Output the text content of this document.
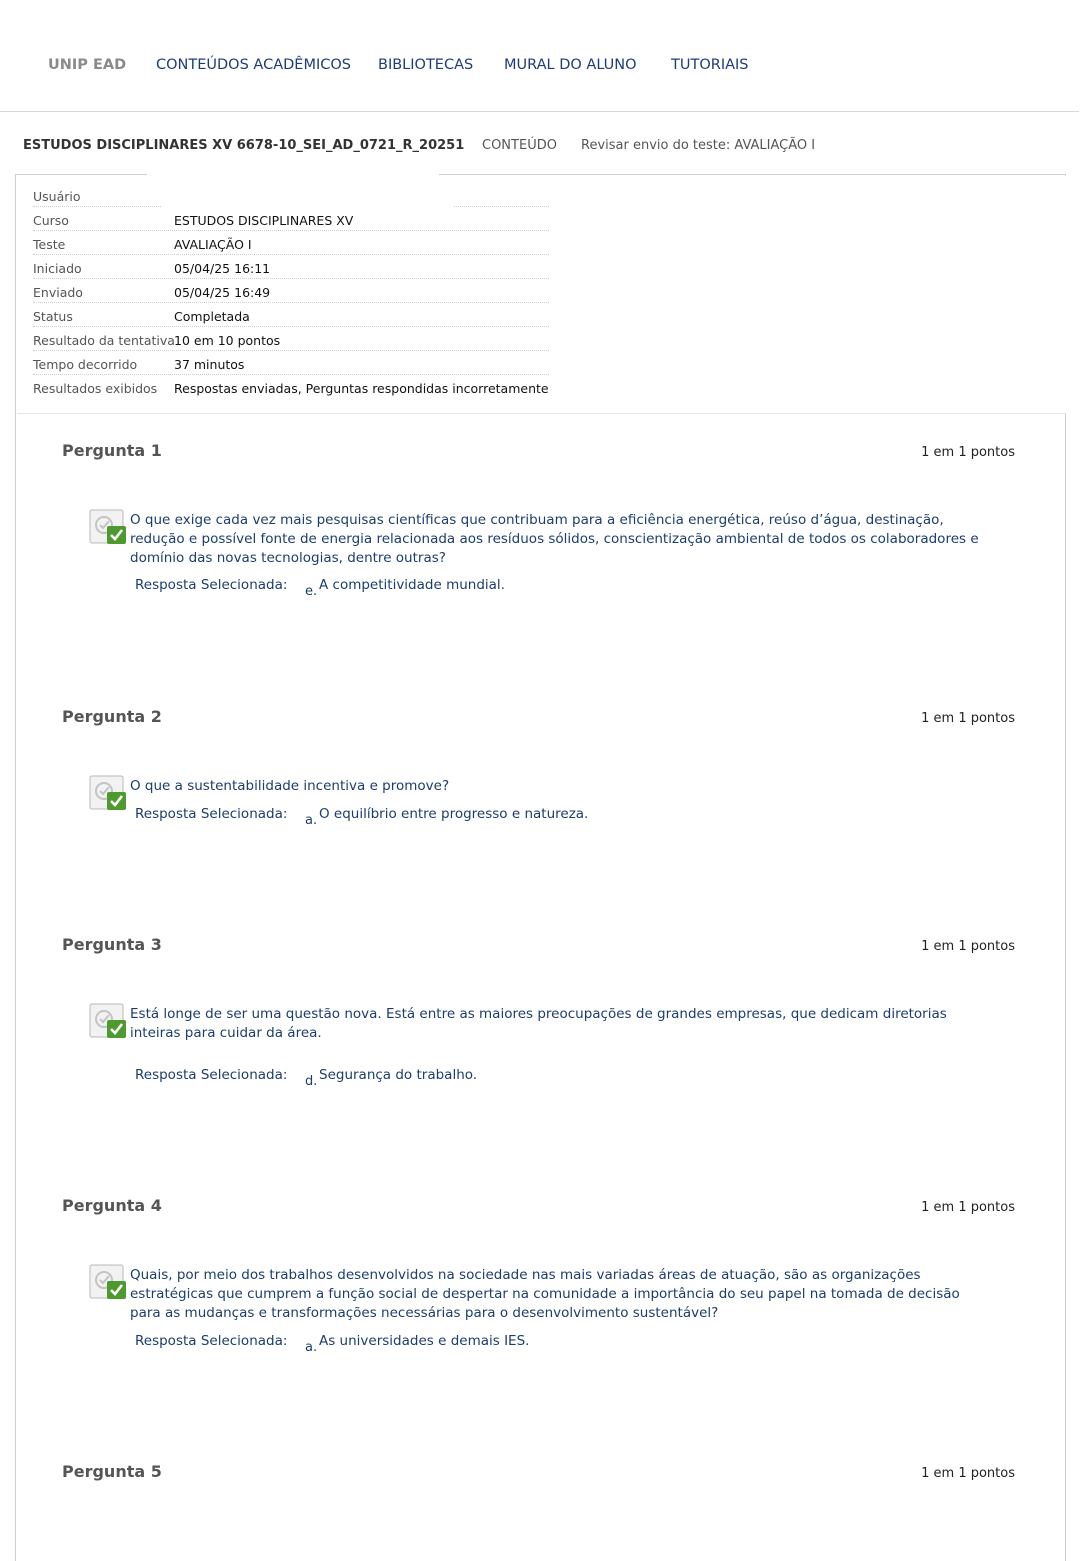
UNIP EAD CONTEÚDOS ACADÊMICOS BIBLIOTECAS MURAL DO ALUNO TUTORIAIS
ESTUDOS DISCIPLINARES XV 6678-10_SEI_AD_0721_R_20251 CONTEÚDO Revisar envio do teste: AVALIAÇÃO I
Usuário
Curso	ESTUDOS DISCIPLINARES XV
Teste	AVALIAÇÃO I
Iniciado	05/04/25 16:11
Enviado	05/04/25 16:49
Status	Completada
Resultado da tentativa 10 em 10 pontos
Tempo decorrido	37 minutos
Resultados exibidos Respostas enviadas, Perguntas respondidas incorretamente
Pergunta 1	1 em 1 pontos
O que exige cada vez mais pesquisas científicas que contribuam para a eficiência energética, reúso d’água, destinação, redução e possível fonte de energia relacionada aos resíduos sólidos, conscientização ambiental de todos os colaboradores e domínio das novas tecnologias, dentre outras?
Resposta Selecionada: e. A competitividade mundial.
Pergunta 2	1 em 1 pontos
O que a sustentabilidade incentiva e promove?
Resposta Selecionada: a. O equilíbrio entre progresso e natureza.
Pergunta 3	1 em 1 pontos
Está longe de ser uma questão nova. Está entre as maiores preocupações de grandes empresas, que dedicam diretorias inteiras para cuidar da área.
Resposta Selecionada: d. Segurança do trabalho.
Pergunta 4	1 em 1 pontos
Quais, por meio dos trabalhos desenvolvidos na sociedade nas mais variadas áreas de atuação, são as organizações estratégicas que cumprem a função social de despertar na comunidade a importância do seu papel na tomada de decisão para as mudanças e transformações necessárias para o desenvolvimento sustentável?
Resposta Selecionada: a. As universidades e demais IES.
Pergunta 5	1 em 1 pontos
